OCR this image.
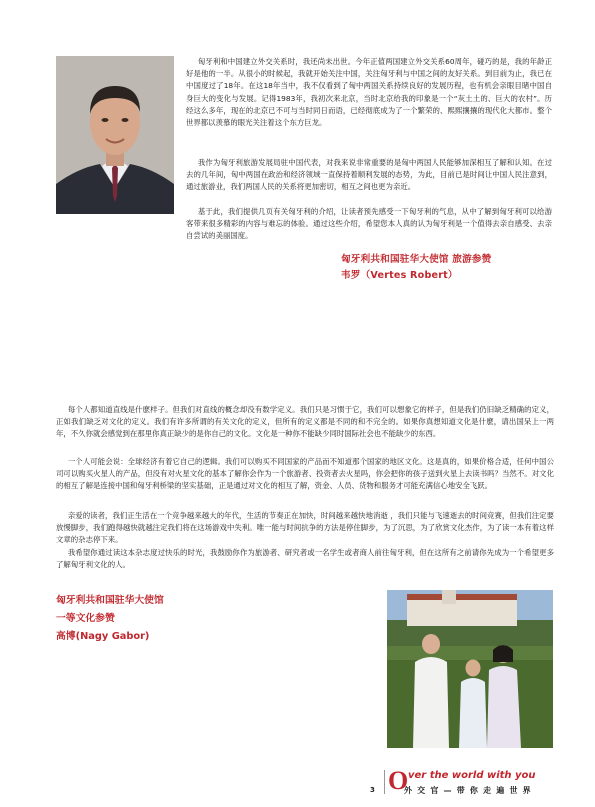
匈牙利和中国建立外交关系时，我还尚未出世。今年正值两国建立外交关系60周年，碰巧的是，我的年龄正好是他的一半。从很小的时候起，我就开始关注中国，关注匈牙利与中国之间的友好关系。到目前为止，我已在中国度过了18年。在这18年当中，我不仅看到了匈中两国关系持续良好的发展历程，也有机会亲眼目睹中国自身巨大的变化与发展。记得1983年，我初次来北京，当时北京给我的印象是一个“灰土土的、巨大的农村”。历经这么多年，现在的北京已不可与当时同日而语，已经彻底成为了一个繁荣的、熙熙攘攘的现代化大都市。整个世界都以羡慕的眼光关注着这个东方巨龙。

我作为匈牙利旅游发展局驻中国代表，对我来说非常重要的是匈中两国人民能够加深相互了解和认知。在过去的几年间，匈中两国在政治和经济领域一直保持着顺利发展的态势，为此，目前已是时间让中国人民注意到，通过旅游业，我们两国人民的关系将更加密切，相互之间也更为亲近。

基于此，我们提供几页有关匈牙利的介绍，让读者预先感受一下匈牙利的气息，从中了解到匈牙利可以给游客带来很多精彩的内容与难忘的体验。通过这些介绍，希望您本人真的认为匈牙利是一个值得去亲自感受、去亲自尝试的美丽国度。

匈牙利共和国驻华大使馆 旅游参赞
韦罗（Vertes Robert）

每个人都知道直线是什麽样子。但我们对直线的概念却没有数学定义。我们只是习惯于它，我们可以想象它的样子，但是我们仍旧缺乏精确的定义，正如我们缺乏对文化的定义。我们有许多所谓的有关文化的定义，但所有的定义都是不同的和不完全的。如果你真想知道文化是什麽，请出国呆上一两年，不久你就会感觉到在那里你真正缺少的是你自己的文化。文化是一种你不能缺少同时国际社会也不能缺少的东西。

一个人可能会说：全球经济有着它自己的逻辑。我们可以购买不同国家的产品而不知道那个国家的地区文化。这是真的，如果价格合适，任何中国公司可以购买火星人的产品，但没有对火星文化的基本了解你会作为一个旅游者、投资者去火星吗，你会把你的孩子送到火星上去读书吗？当然不。对文化的相互了解是连接中国和匈牙利桥梁的坚实基础，正是通过对文化的相互了解，资金、人员、货物和服务才可能充满信心地安全飞跃。

亲爱的读者，我们正生活在一个竞争越来越大的年代，生活的节奏正在加快，时间越来越快地消逝 ，我们只能与飞速逝去的时间竞赛，但我们注定要放慢脚步，我们跑得越快就越注定我们将在这场游戏中失利。唯一能与时间抗争的方法是停住脚步，为了沉思，为了欣赏文化杰作，为了读一本有着这样文章的杂志停下来。

我希望你通过读这本杂志度过快乐的时光，我鼓励你作为旅游者、研究者或一名学生或者商人前往匈牙利，但在这所有之前请你先成为一个希望更多了解匈牙利文化的人。

匈牙利共和国驻华大使馆
一等文化参赞
高博(Nagy Gabor)
3 O ver the world with you
外 交 官 — 带 你 走 遍 世 界
